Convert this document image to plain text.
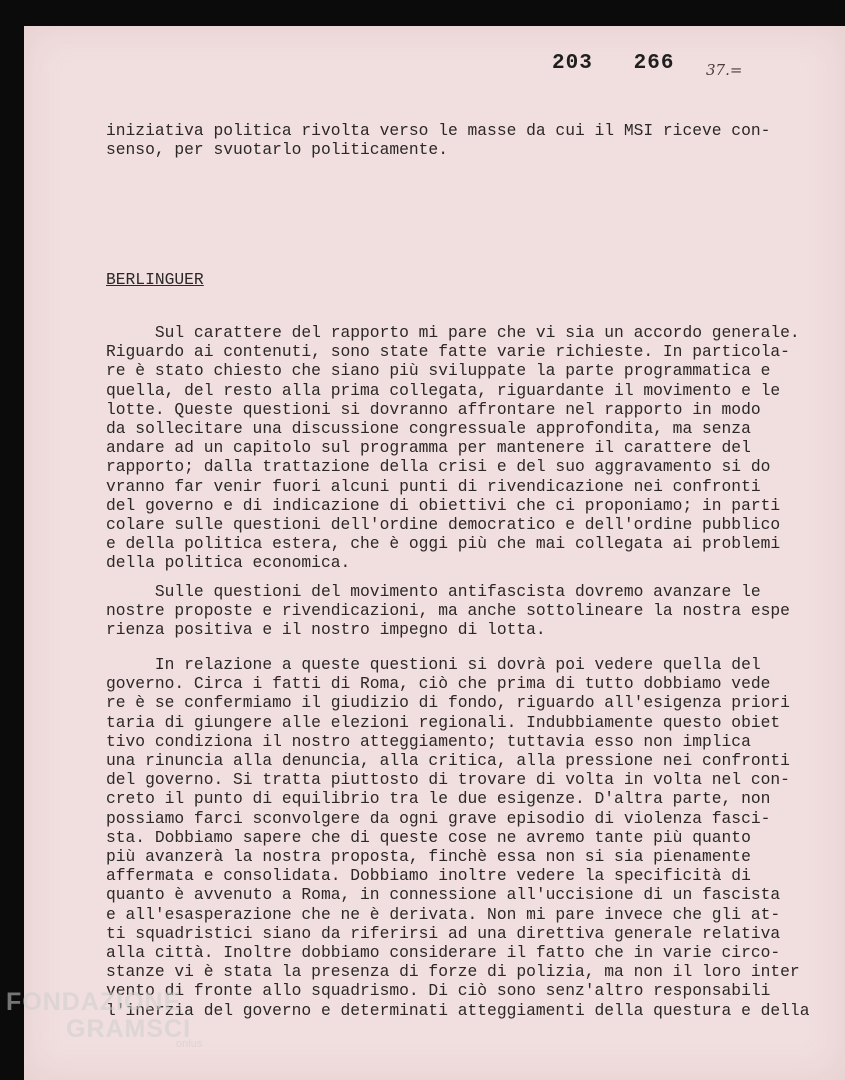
203   266 37.=
iniziativa politica rivolta verso le masse da cui il MSI riceve con-
senso, per svuotarlo politicamente.
BERLINGUER
Sul carattere del rapporto mi pare che vi sia un accordo generale.
Riguardo ai contenuti, sono state fatte varie richieste. In particola-
re è stato chiesto che siano più sviluppate la parte programmatica e
quella, del resto alla prima collegata, riguardante il movimento e le
lotte. Queste questioni si dovranno affrontare nel rapporto in modo
da sollecitare una discussione congressuale approfondita, ma senza
andare ad un capitolo sul programma per mantenere il carattere del
rapporto; dalla trattazione della crisi e del suo aggravamento si do
vranno far venir fuori alcuni punti di rivendicazione nei confronti
del governo e di indicazione di obiettivi che ci proponiamo; in parti
colare sulle questioni dell'ordine democratico e dell'ordine pubblico
e della politica estera, che è oggi più che mai collegata ai problemi
della politica economica.
Sulle questioni del movimento antifascista dovremo avanzare le
nostre proposte e rivendicazioni, ma anche sottolineare la nostra espe
rienza positiva e il nostro impegno di lotta.
In relazione a queste questioni si dovrà poi vedere quella del
governo. Circa i fatti di Roma, ciò che prima di tutto dobbiamo vede
re è se confermiamo il giudizio di fondo, riguardo all'esigenza priori
taria di giungere alle elezioni regionali. Indubbiamente questo obiet
tivo condiziona il nostro atteggiamento; tuttavia esso non implica
una rinuncia alla denuncia, alla critica, alla pressione nei confronti
del governo. Si tratta piuttosto di trovare di volta in volta nel con-
creto il punto di equilibrio tra le due esigenze. D'altra parte, non
possiamo farci sconvolgere da ogni grave episodio di violenza fasci-
sta. Dobbiamo sapere che di queste cose ne avremo tante più quanto
più avanzerà la nostra proposta, finchè essa non si sia pienamente
affermata e consolidata. Dobbiamo inoltre vedere la specificità di
quanto è avvenuto a Roma, in connessione all'uccisione di un fascista
e all'esasperazione che ne è derivata. Non mi pare invece che gli at-
ti squadristici siano da riferirsi ad una direttiva generale relativa
alla città. Inoltre dobbiamo considerare il fatto che in varie circo-
stanze vi è stata la presenza di forze di polizia, ma non il loro inter
vento di fronte allo squadrismo. Di ciò sono senz'altro responsabili
l'inerzia del governo e determinati atteggiamenti della questura e della
FONDAZIONE
GRAMSCI
onlus
